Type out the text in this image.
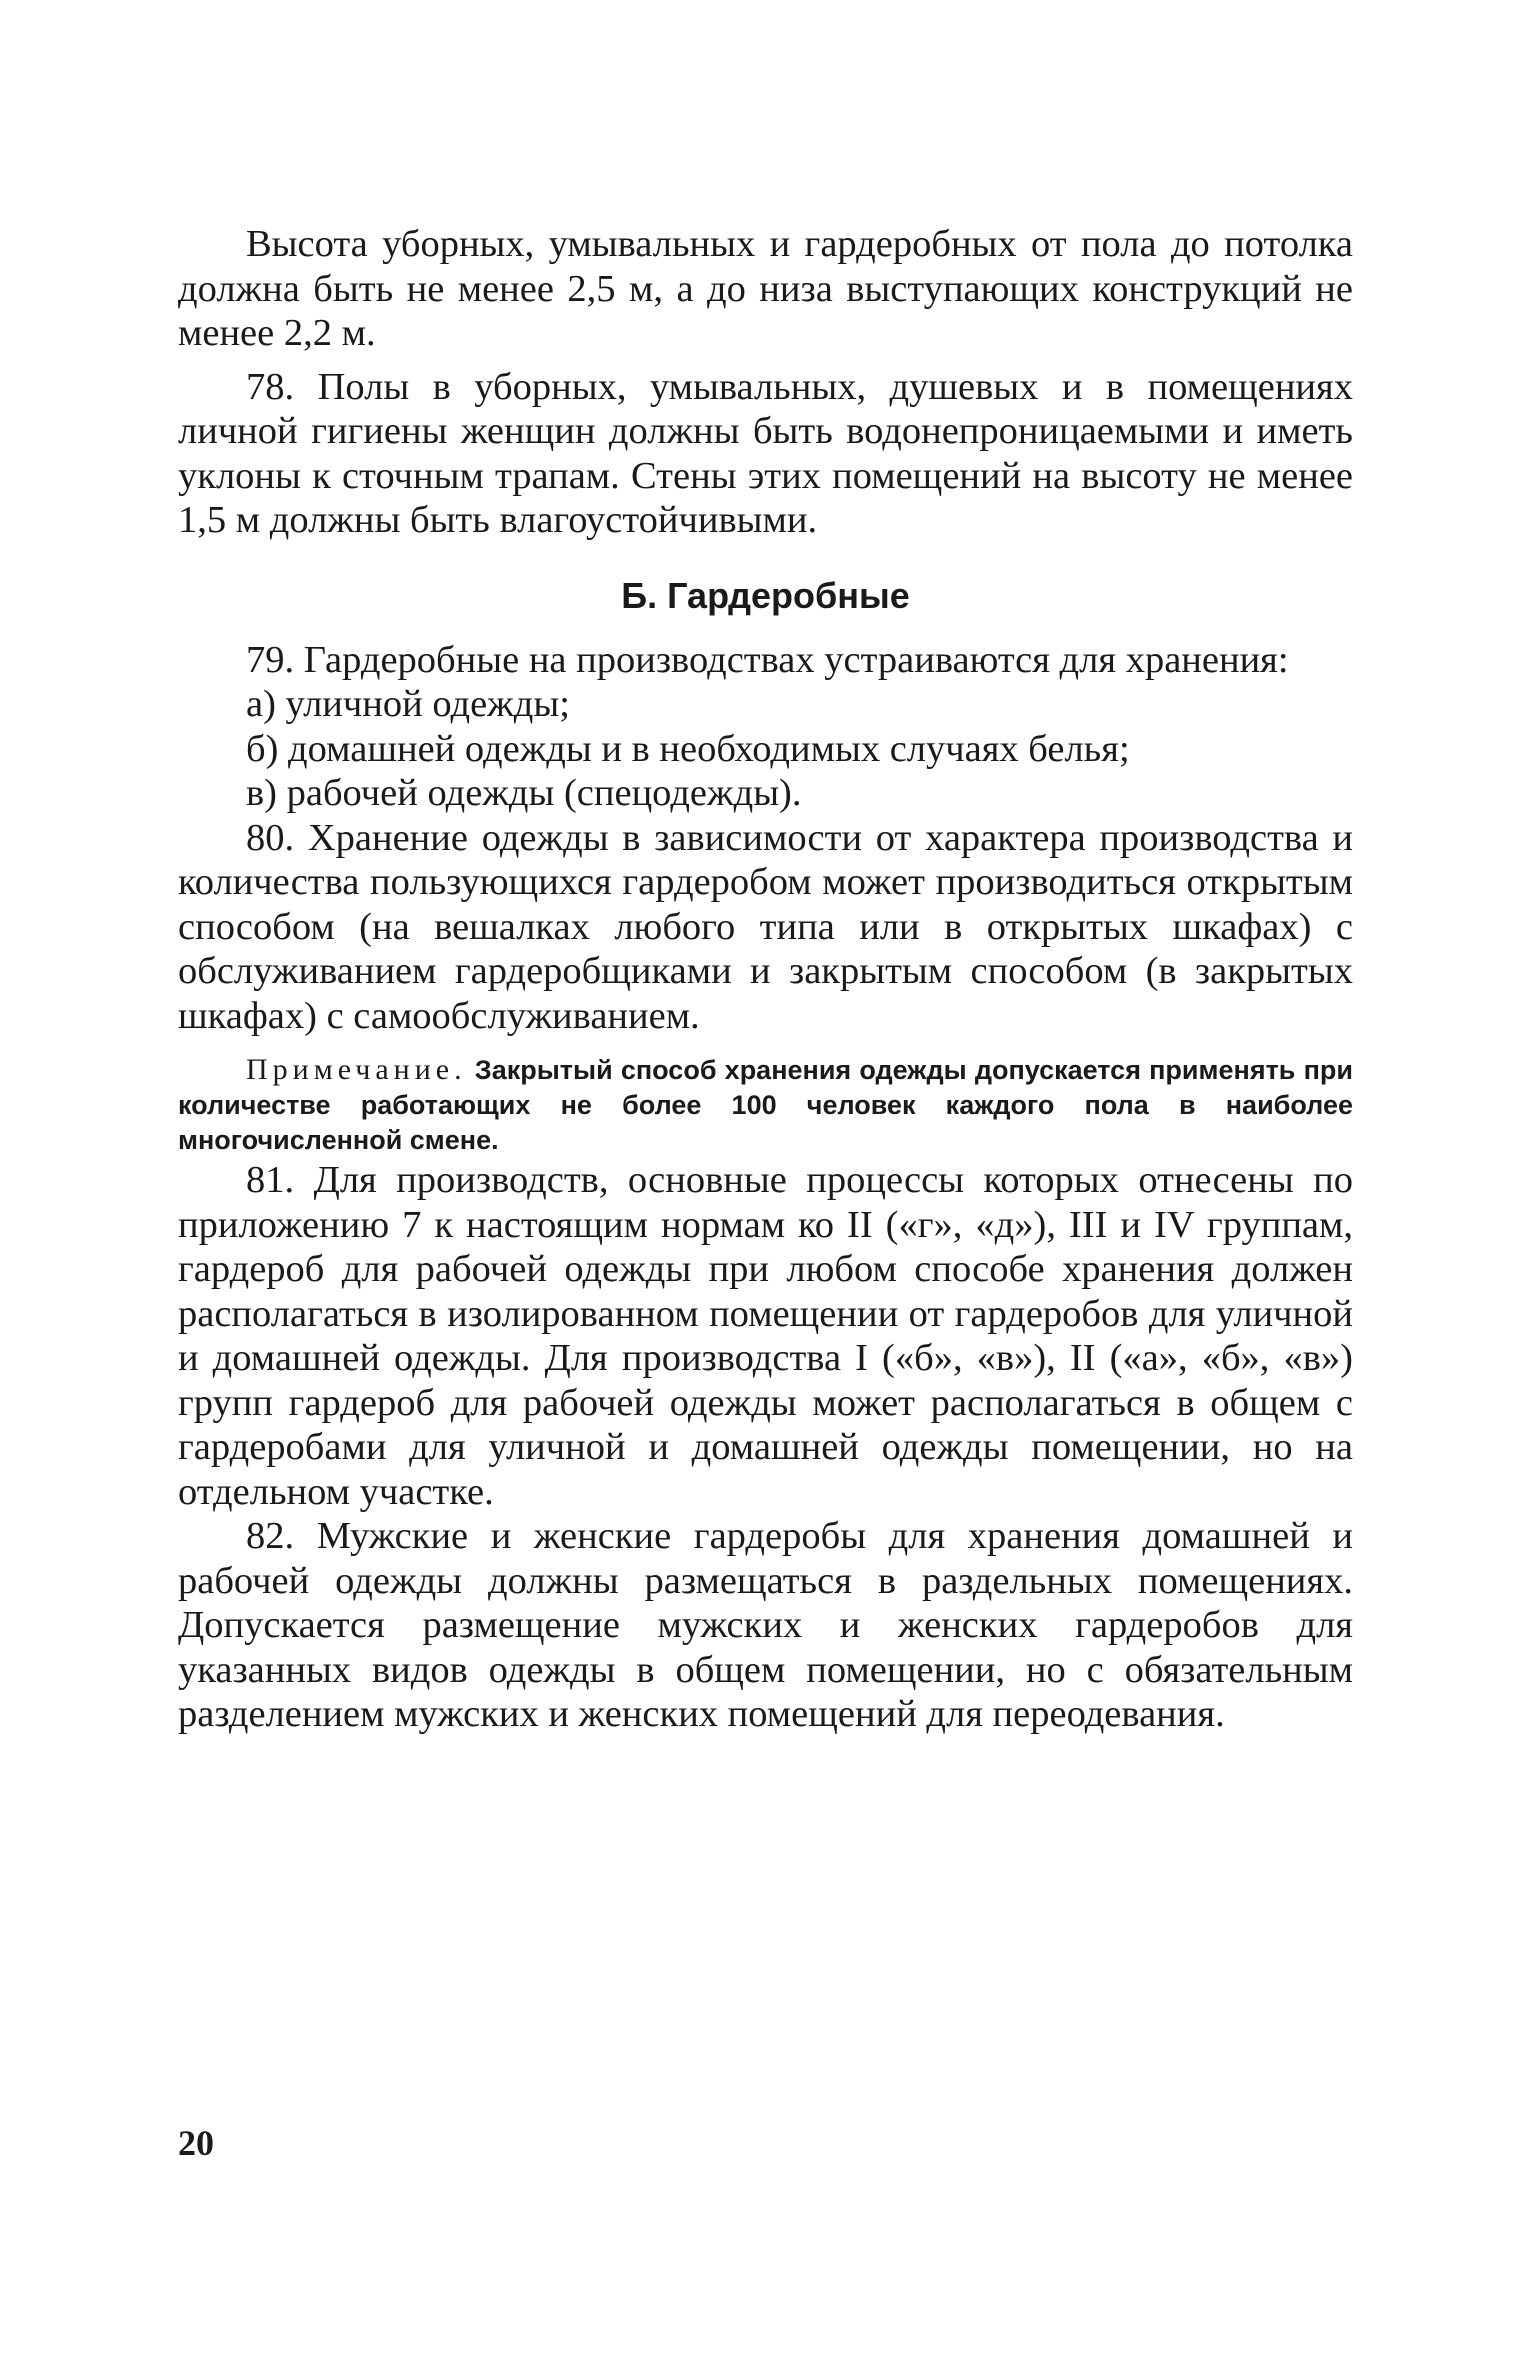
Высота уборных, умывальных и гардеробных от пола до потолка должна быть не менее 2,5 м, а до низа выступающих конструкций не менее 2,2 м.

78. Полы в уборных, умывальных, душевых и в помещениях личной гигиены женщин должны быть водонепроницаемыми и иметь уклоны к сточным трапам. Стены этих помещений на высоту не менее 1,5 м должны быть влагоустойчивыми.

Б. Гардеробные

79. Гардеробные на производствах устраиваются для хранения:

а) уличной одежды;

б) домашней одежды и в необходимых случаях белья;

в) рабочей одежды (спецодежды).

80. Хранение одежды в зависимости от характера производства и количества пользующихся гардеробом может производиться открытым способом (на вешалках любого типа или в открытых шкафах) с обслуживанием гардеробщиками и закрытым способом (в закрытых шкафах) с самообслуживанием.

Примечание. Закрытый способ хранения одежды допускается применять при количестве работающих не более 100 человек каждого пола в наиболее многочисленной смене.

81. Для производств, основные процессы которых отнесены по приложению 7 к настоящим нормам ко II («г», «д»), III и IV группам, гардероб для рабочей одежды при любом способе хранения должен располагаться в изолированном помещении от гардеробов для уличной и домашней одежды. Для производства I («б», «в»), II («а», «б», «в») групп гардероб для рабочей одежды может располагаться в общем с гардеробами для уличной и домашней одежды помещении, но на отдельном участке.

82. Мужские и женские гардеробы для хранения домашней и рабочей одежды должны размещаться в раздельных помещениях. Допускается размещение мужских и женских гардеробов для указанных видов одежды в общем помещении, но с обязательным разделением мужских и женских помещений для переодевания.

20
